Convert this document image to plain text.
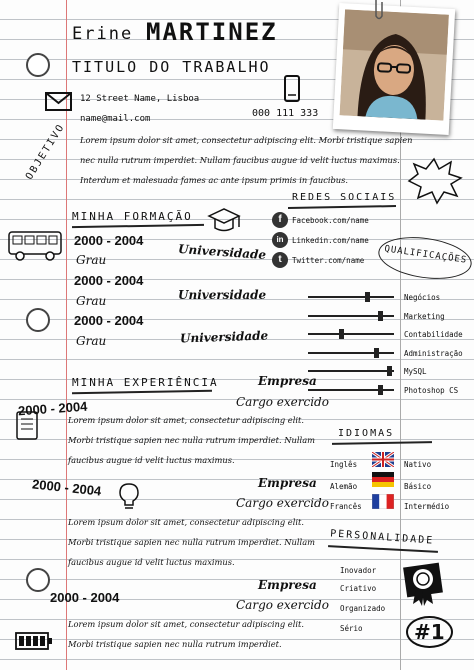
Erine MARTINEZ
TITULO DO TRABALHO
12 Street Name, Lisboa
name@mail.com	000 111 333
OBJETIVO Lorem ipsum dolor sit amet, consectetur adipiscing elit. Morbi tristique sapien
nec nulla rutrum imperdiet. Nullam faucibus augue id velit luctus maximus.
Interdum et malesuada fames ac ante ipsum primis in faucibus.
MINHA FORMAÇÃO
2000 - 2004
Universidade
Grau
2000 - 2004
Universidade
Grau
2000 - 2004
Universidade
Grau
REDES SOCIAIS
f	Facebook.com/name
in	Linkedin.com/name
t	Twitter.com/name QUALIFICAÇÕES
MINHA EXPERIÊNCIA
2000 - 2004
Empresa
Cargo exercido
Lorem ipsum dolor sit amet, consectetur adipiscing elit.
Morbi tristique sapien nec nulla rutrum imperdiet. Nullam
faucibus augue id velit luctus maximus.
2000 - 2004	Empresa
Cargo exercido
Lorem ipsum dolor sit amet, consectetur adipiscing elit.
Morbi tristique sapien nec nulla rutrum imperdiet. Nullam
faucibus augue id velit luctus maximus.
2000 - 2004
Empresa
Cargo exercido
Lorem ipsum dolor sit amet, consectetur adipiscing elit.
Morbi tristique sapien nec nulla rutrum imperdiet.
IDIOMAS
Inglês	Nativo
Alemão	Básico
Francês	Intermédio
PERSONALIDADE
Inovador
Criativo
Organizado
Sério	#1
Negócios
Marketing
Contabilidade
Administração
MySQL
Photoshop CS
